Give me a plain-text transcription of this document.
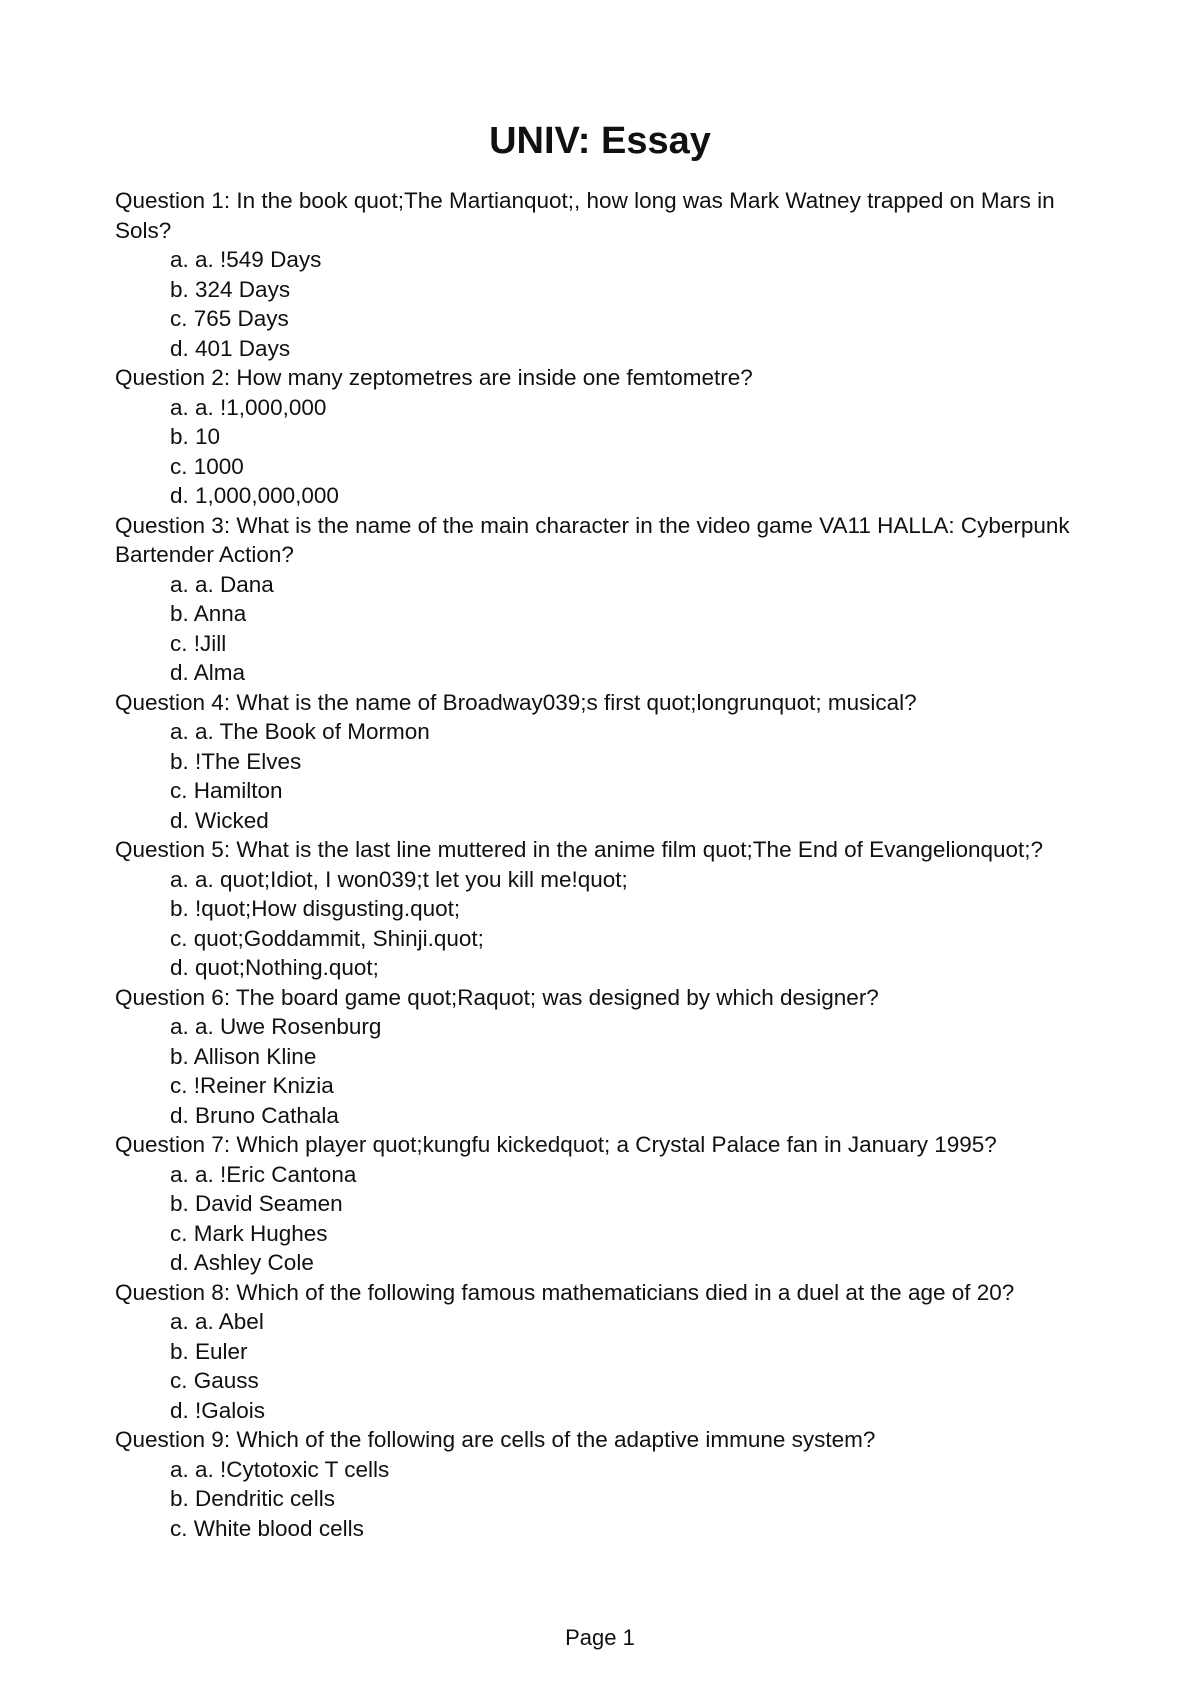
UNIV: Essay

Question 1: In the book quot;The Martianquot;, how long was Mark Watney trapped on Mars in Sols?

a. a. !549 Days
b. 324 Days
c. 765 Days
d. 401 Days

Question 2: How many zeptometres are inside one femtometre?

a. a. !1,000,000
b. 10
c. 1000
d. 1,000,000,000

Question 3: What is the name of the main character in the video game VA11 HALLA: Cyberpunk Bartender Action?

a. a. Dana
b. Anna
c. !Jill
d. Alma

Question 4: What is the name of Broadway039;s first quot;longrunquot; musical?

a. a. The Book of Mormon
b. !The Elves
c. Hamilton
d. Wicked

Question 5: What is the last line muttered in the anime film quot;The End of Evangelionquot;?

a. a. quot;Idiot, I won039;t let you kill me!quot;
b. !quot;How disgusting.quot;
c. quot;Goddammit, Shinji.quot;
d. quot;Nothing.quot;

Question 6: The board game quot;Raquot; was designed by which designer?

a. a. Uwe Rosenburg
b. Allison Kline
c. !Reiner Knizia
d. Bruno Cathala

Question 7: Which player quot;kungfu kickedquot; a Crystal Palace fan in January 1995?

a. a. !Eric Cantona
b. David Seamen
c. Mark Hughes
d. Ashley Cole

Question 8: Which of the following famous mathematicians died in a duel at the age of 20?

a. a. Abel
b. Euler
c. Gauss
d. !Galois

Question 9: Which of the following are cells of the adaptive immune system?

a. a. !Cytotoxic T cells
b. Dendritic cells
c. White blood cells
Page 1
